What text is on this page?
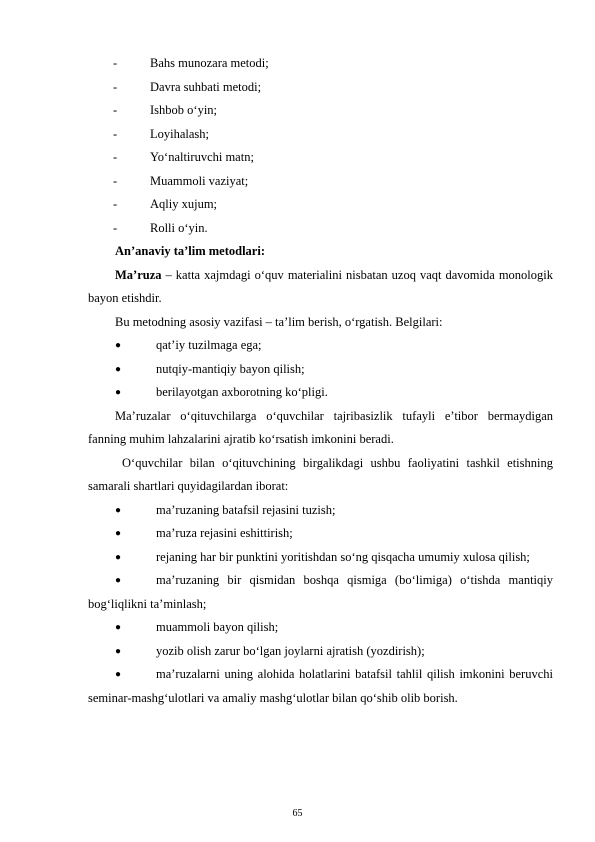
-	Bahs munozara metodi;
-	Davra suhbati metodi;
-	Ishbob o‘yin;
-	Loyihalash;
-	Yo‘naltiruvchi matn;
-	Muammoli vaziyat;
-	Aqliy xujum;
-	Rolli o‘yin.
An’anaviy ta’lim metodlari:

Ma’ruza – katta xajmdagi o‘quv materialini nisbatan uzoq vaqt davomida monologik bayon etishdir.

Bu metodning asosiy vazifasi – ta’lim berish, o‘rgatish. Belgilari:
●	qat’iy tuzilmaga ega;
●	nutqiy-mantiqiy bayon qilish;
●	berilayotgan axborotning ko‘pligi.

Ma’ruzalar o‘qituvchilarga o‘quvchilar tajribasizlik tufayli e’tibor bermaydigan fanning muhim lahzalarini ajratib ko‘rsatish imkonini beradi.

O‘quvchilar bilan o‘qituvchining birgalikdagi ushbu faoliyatini tashkil etishning samarali shartlari quyidagilardan iborat:

●	ma’ruzaning batafsil rejasini tuzish;
●	ma’ruza rejasini eshittirish;
●	rejaning har bir punktini yoritishdan so‘ng qisqacha umumiy xulosa qilish;
●	ma’ruzaning bir qismidan boshqa qismiga (bo‘limiga) o‘tishda mantiqiy bog‘liqlikni ta’minlash;
●	muammoli bayon qilish;
●	yozib olish zarur bo‘lgan joylarni ajratish (yozdirish);
●	ma’ruzalarni uning alohida holatlarini batafsil tahlil qilish imkonini beruvchi seminar-mashg‘ulotlari va amaliy mashg‘ulotlar bilan qo‘shib olib borish.
65
